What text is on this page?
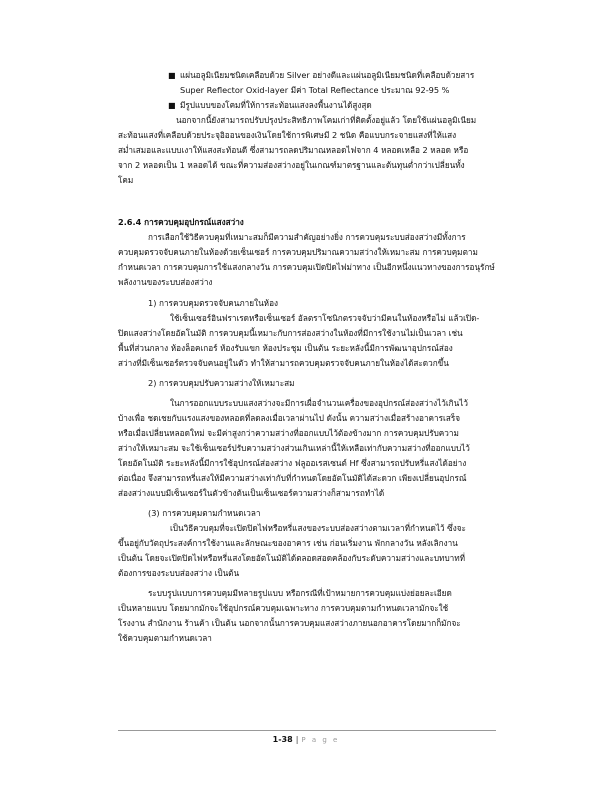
■ แผ่นอลูมิเนียมชนิดเคลือบด้วย Silver อย่างดีและแผ่นอลูมิเนียมชนิดที่เคลือบด้วยสาร
Super Reflector Oxid-layer มีค่า Total Reflectance ประมาณ 92-95 %
■ มีรูปแบบของโคมที่ให้การสะท้อนแสงลงพื้นงานได้สูงสุด
นอกจากนี้ยังสามารถปรับปรุงประสิทธิภาพโคมเก่าที่ติดตั้งอยู่แล้ว โดยใช้แผ่นอลูมิเนียม
สะท้อนแสงที่เคลือบด้วยประจุอิออนของเงินโดยใช้การพิเศษมี 2 ชนิด คือแบบกระจายแสงที่ให้แสง
สม่ำเสมอและแบบเงาให้แสงสะท้อนดี ซึ่งสามารถลดปริมาณหลอดไฟจาก 4 หลอดเหลือ 2 หลอด หรือ
จาก 2 หลอดเป็น 1 หลอดได้ ขณะที่ความส่องสว่างอยู่ในเกณฑ์มาตรฐานและต้นทุนต่ำกว่าเปลี่ยนทั้ง
โคม
2.6.4 การควบคุมอุปกรณ์แสงสว่าง
การเลือกใช้วิธีควบคุมที่เหมาะสมก็มีความสำคัญอย่างยิ่ง การควบคุมระบบส่องสว่างมีทั้งการ
ควบคุมตรวจจับคนภายในห้องด้วยเซ็นเซอร์ การควบคุมปริมาณความสว่างให้เหมาะสม การควบคุมตาม
กำหนดเวลา การควบคุมการใช้แสงกลางวัน การควบคุมเปิดปิดไฟม่าทาง เป็นอีกหนึ่งแนวทางของการอนุรักษ์
พลังงานของระบบส่องสว่าง
1) การควบคุมตรวจจับคนภายในห้อง
ใช้เซ็นเซอร์อินฟราเรดหรือเซ็นเซอร์ อัลตราโซนิกตรวจจับว่ามีคนในห้องหรือไม่ แล้วเปิด-
ปิดแสงสว่างโดยอัตโนมัติ การควบคุมนี้เหมาะกับการส่องสว่างในห้องที่มีการใช้งานไม่เป็นเวลา เช่น
พื้นที่ส่วนกลาง ห้องล็อคเกอร์ ห้องรับแขก ห้องประชุม เป็นต้น ระยะหลังนี้มีการพัฒนาอุปกรณ์ส่อง
สว่างที่มีเซ็นเซอร์ตรวจจับคนอยู่ในตัว ทำให้สามารถควบคุมตรวจจับคนภายในห้องได้สะดวกขึ้น
2) การควบคุมปรับความสว่างให้เหมาะสม
ในการออกแบบระบบแสงสว่างจะมีการเผื่อจำนวนเครื่องของอุปกรณ์ส่องสว่างไว้เกินไว้
บ้างเพื่อ ชดเชยกับแรงแสงของหลอดที่ลดลงเมื่อเวลาผ่านไป ดังนั้น ความสว่างเมื่อสร้างอาคารเสร็จ
หรือเมื่อเปลี่ยนหลอดใหม่ จะมีค่าสูงกว่าความสว่างที่ออกแบบไว้ต้องข้างมาก การควบคุมปรับความ
สว่างให้เหมาะสม จะใช้เซ็นเซอร์ปรับความสว่างส่วนเกินเหล่านี้ให้เหลือเท่ากับความสว่างที่ออกแบบไว้
โดยอัตโนมัติ ระยะหลังนี้มีการใช้อุปกรณ์ส่องสว่าง ฟลูออเรสเซนต์ Hf ซึ่งสามารถปรับหรี่แสงได้อย่าง
ต่อเนื่อง จึงสามารถหรี่แสงให้มีความสว่างเท่ากับที่กำหนดโดยอัตโนมัติได้สะดวก เพียงเปลี่ยนอุปกรณ์
ส่องสว่างแบบมีเซ็นเซอร์ในตัวข้างต้นเป็นเซ็นเซอร์ความสว่างก็สามารถทำได้
(3) การควบคุมตามกำหนดเวลา
เป็นวิธีควบคุมที่จะเปิดปิดไฟหรือหรี่แสงของระบบส่องสว่างตามเวลาที่กำหนดไว้ ซึ่งจะ
ขึ้นอยู่กับวัตถุประสงค์การใช้งานและลักษณะของอาคาร เช่น ก่อนเริ่มงาน พักกลางวัน หลังเลิกงาน
เป็นต้น โดยจะเปิดปิดไฟหรือหรี่แสงโดยอัตโนมัติได้ตลอดสอดคล้องกับระดับความสว่างและบทบาทที่
ต้องการของระบบส่องสว่าง เป็นต้น
ระบบรูปแบบการควบคุมมีหลายรูปแบบ หรือกรณีที่เป้าหมายการควบคุมแบ่งย่อยละเอียด
เป็นหลายแบบ โดยมากมักจะใช้อุปกรณ์ควบคุมเฉพาะทาง การควบคุมตามกำหนดเวลามักจะใช้
โรงงาน สำนักงาน ร้านค้า เป็นต้น นอกจากนั้นการควบคุมแสงสว่างภายนอกอาคารโดยมากก็มักจะ
ใช้ควบคุมตามกำหนดเวลา
1-38 | P a g e
